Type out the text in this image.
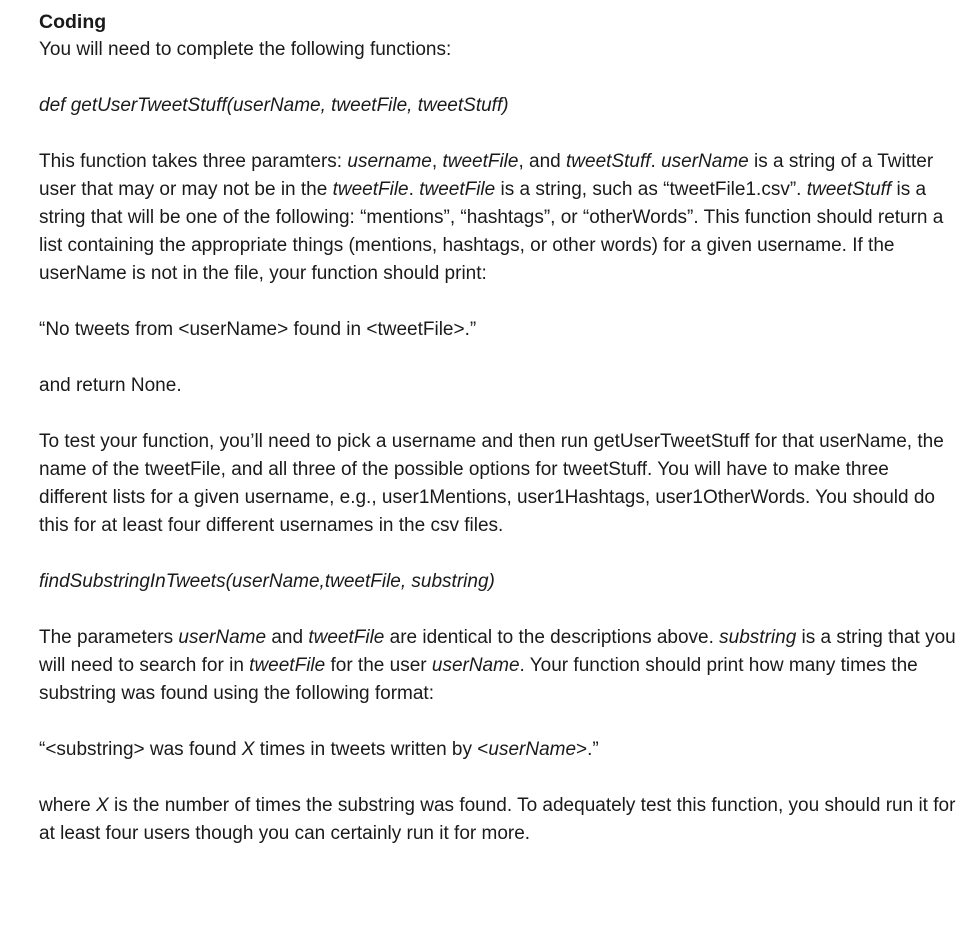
Coding

You will need to complete the following functions:

def getUserTweetStuff(userName, tweetFile, tweetStuff)

This function takes three paramters: username, tweetFile, and tweetStuff. userName is a string of a Twitter user that may or may not be in the tweetFile. tweetFile is a string, such as “tweetFile1.csv”. tweetStuff is a string that will be one of the following: “mentions”, “hashtags”, or “otherWords”. This function should return a list containing the appropriate things (mentions, hashtags, or other words) for a given username. If the userName is not in the file, your function should print:

“No tweets from <userName> found in <tweetFile>.”

and return None.

To test your function, you’ll need to pick a username and then run getUserTweetStuff for that userName, the name of the tweetFile, and all three of the possible options for tweetStuff. You will have to make three different lists for a given username, e.g., user1Mentions, user1Hashtags, user1OtherWords. You should do this for at least four different usernames in the csv files.

findSubstringInTweets(userName,tweetFile, substring)

The parameters userName and tweetFile are identical to the descriptions above. substring is a string that you will need to search for in tweetFile for the user userName. Your function should print how many times the substring was found using the following format:

“<substring> was found X times in tweets written by <userName>.”

where X is the number of times the substring was found. To adequately test this function, you should run it for at least four users though you can certainly run it for more.
